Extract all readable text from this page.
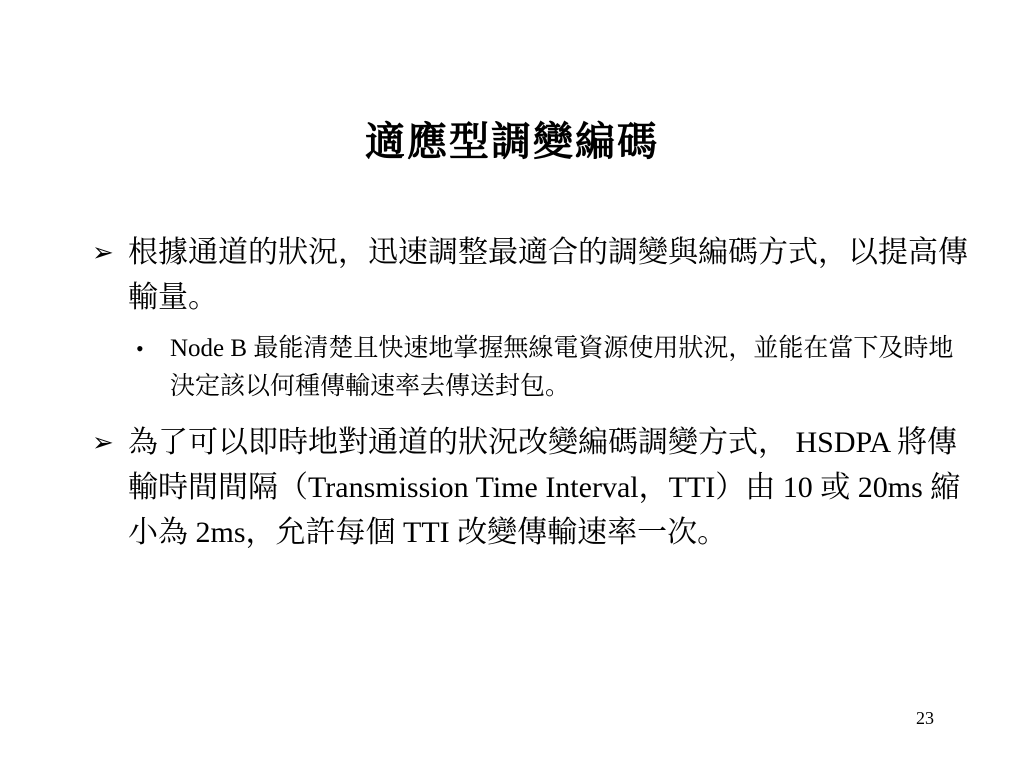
適應型調變編碼
➢ 根據通道的狀況，迅速調整最適合的調變與編碼方式，以提高傳輸量。
• Node B 最能清楚且快速地掌握無線電資源使用狀況，並能在當下及時地決定該以何種傳輸速率去傳送封包。
➢ 為了可以即時地對通道的狀況改變編碼調變方式， HSDPA 將傳輸時間間隔（Transmission Time Interval，TTI）由 10 或 20ms 縮小為 2ms，允許每個 TTI 改變傳輸速率一次。
23
